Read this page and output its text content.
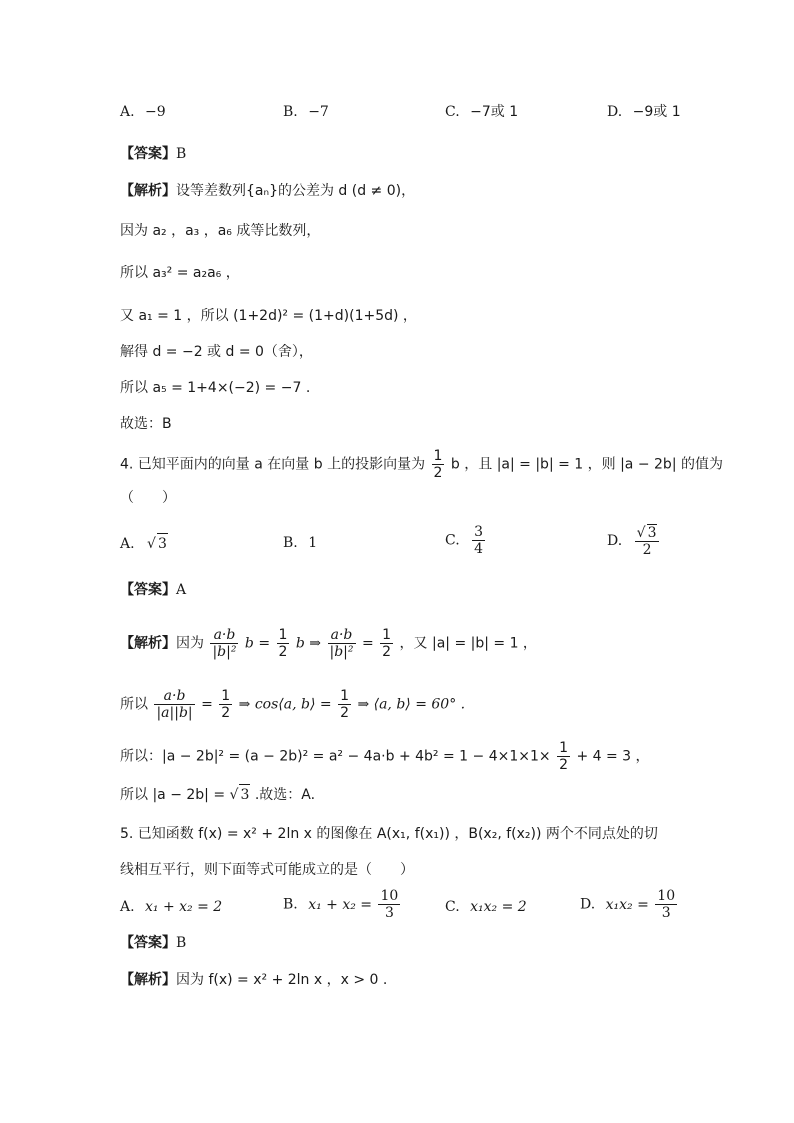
A. −9	B. −7	C. −7或 1	D. −9或 1
【答案】B
【解析】设等差数列{aₙ}的公差为 d (d ≠ 0)，
因为 a₂ ，a₃ ，a₆ 成等比数列，
所以 a₃² = a₂a₆ ，
又 a₁ = 1 ，所以 (1+2d)² = (1+d)(1+5d) ，
解得 d = −2 或 d = 0（舍），
所以 a₅ = 1+4×(−2) = −7 .
故选：B
4. 已知平面内的向量 a 在向量 b 上的投影向量为 $\frac{1}{2}$ b ，且 |a| = |b| = 1 ，则 |a − 2b| 的值为
（　　）
A. √ 3	B. 1	C. $\frac{3}{4}$	D. $\frac{√ 3}{2}$
【答案】A
【解析】因为 $\frac{a\cdot b}{\text{|b|²}}$ $b = \frac{1}{2}$ b ⇒ $\frac{a\cdot b}{\text{|b|²}} = \frac{1}{2}$ ，又 |a| = |b| = 1 ，
所以 $\frac{a\cdot b}{|a||b|} = \frac{1}{2}$ ⇒ cos⟨a, b⟩ = $\frac{1}{2}$ ⇒ ⟨a, b⟩ = 60° .
所以：$|a - 2b|^2 = (a - 2b)^2 = a^2 - 4a\cdot b + 4b^2 = 1 - 4\times 1\times 1\times \frac{1}{2} + 4 = 3$ ，
所以 |a − 2b| = √ 3 .故选：A.
5. 已知函数 f(x) = x² + 2ln x 的图像在 A(x₁, f(x₁)) ，B(x₂, f(x₂)) 两个不同点处的切
线相互平行，则下面等式可能成立的是（　　）
A. x₁ + x₂ = 2	B. $x_1 + x_2 = \frac{10}{3}$	C. x₁x₂ = 2	D. $x_1x_2 = \frac{10}{3}$
【答案】B
【解析】因为 f(x) = x² + 2ln x ，x > 0 .
